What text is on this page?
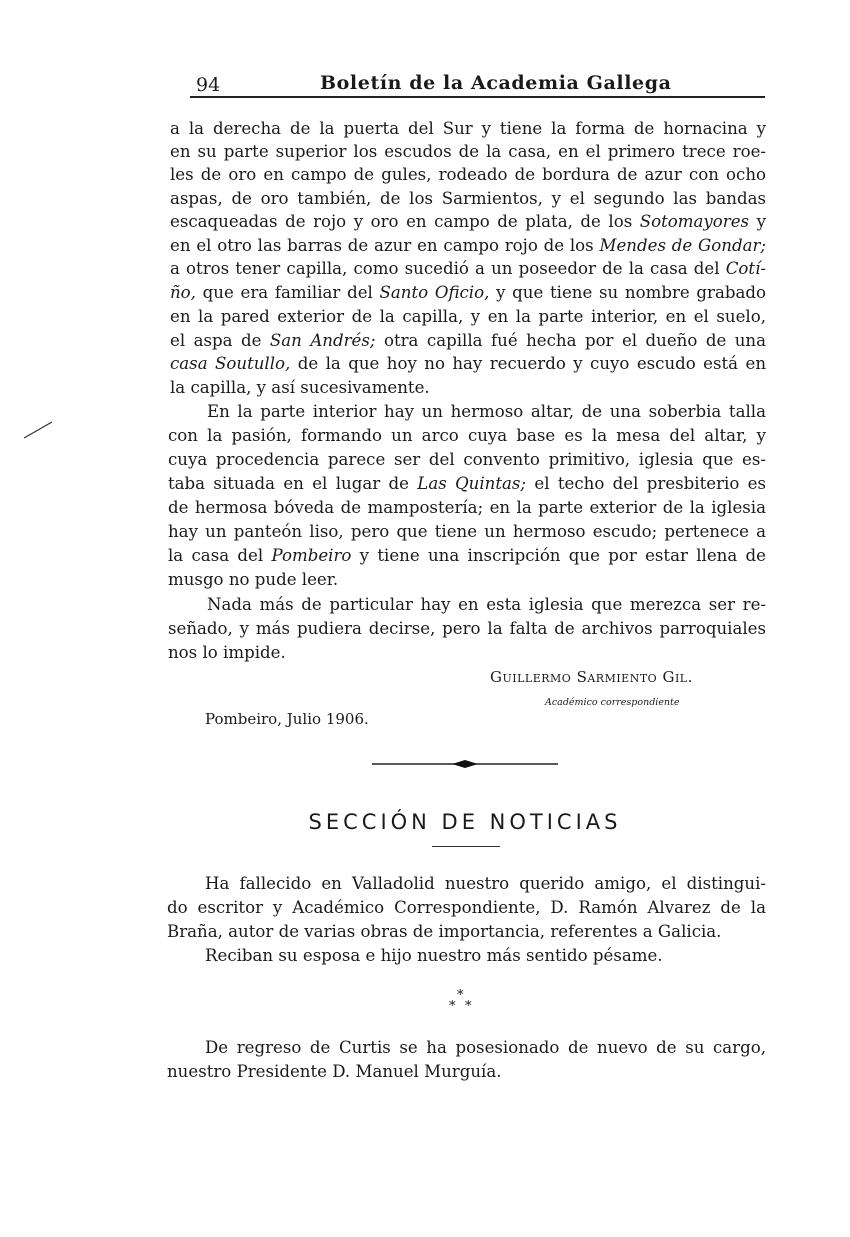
94	Boletín de la Academia Gallega
a la derecha de la puerta del Sur y tiene la forma de hornacina y
en su parte superior los escudos de la casa, en el primero trece roe-
les de oro en campo de gules, rodeado de bordura de azur con ocho
aspas, de oro también, de los Sarmientos, y el segundo las bandas
escaqueadas de rojo y oro en campo de plata, de los Sotomayores y
en el otro las barras de azur en campo rojo de los Mendes de Gondar;
a otros tener capilla, como sucedió a un poseedor de la casa del Cotí-
ño, que era familiar del Santo Oficio, y que tiene su nombre grabado
en la pared exterior de la capilla, y en la parte interior, en el suelo,
el aspa de San Andrés; otra capilla fué hecha por el dueño de una
casa Soutullo, de la que hoy no hay recuerdo y cuyo escudo está en
la capilla, y así sucesivamente.
En la parte interior hay un hermoso altar, de una soberbia talla
con la pasión, formando un arco cuya base es la mesa del altar, y
cuya procedencia parece ser del convento primitivo, iglesia que es-
taba situada en el lugar de Las Quintas; el techo del presbiterio es
de hermosa bóveda de mampostería; en la parte exterior de la iglesia
hay un panteón liso, pero que tiene un hermoso escudo; pertenece a
la casa del Pombeiro y tiene una inscripción que por estar llena de
musgo no pude leer.
Nada más de particular hay en esta iglesia que merezca ser re-
señado, y más pudiera decirse, pero la falta de archivos parroquiales
nos lo impide.
Guillermo Sarmiento Gil.
Académico correspondiente
Pombeiro, Julio 1906.
SECCIÓN DE NOTICIAS
Ha fallecido en Valladolid nuestro querido amigo, el distingui-
do escritor y Académico Correspondiente, D. Ramón Alvarez de la
Braña, autor de varias obras de importancia, referentes a Galicia.
Reciban su esposa e hijo nuestro más sentido pésame.
*
* *
De regreso de Curtis se ha posesionado de nuevo de su cargo,
nuestro Presidente D. Manuel Murguía.
